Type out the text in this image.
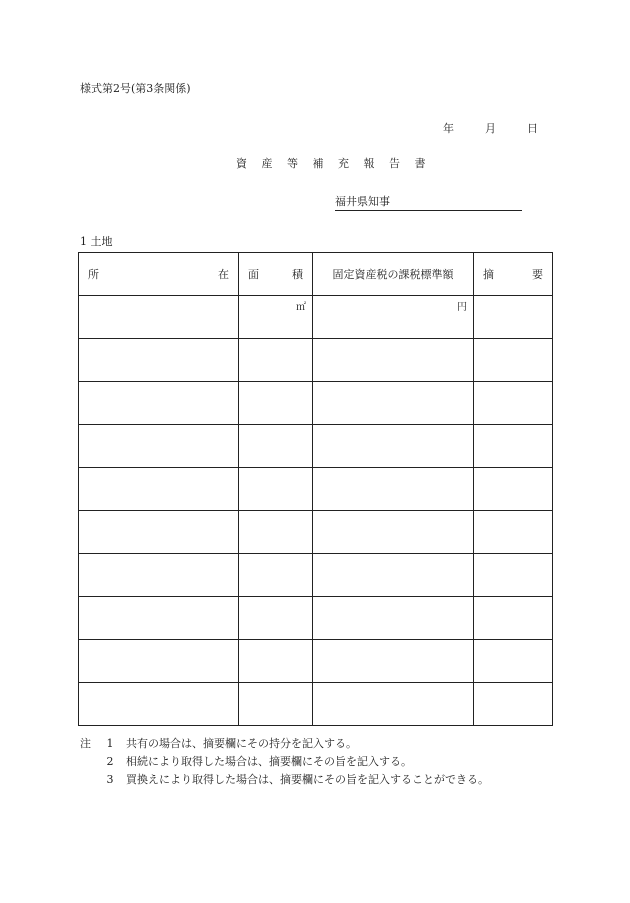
様式第2号(第3条関係)
年	月	日
資 産 等 補 充 報 告 書
福井県知事
1 土地
所 在	面 積	固定資産税の課税標準額	摘 要

	㎡	円	

注	1	共有の場合は、摘要欄にその持分を記入する。
2	相続により取得した場合は、摘要欄にその旨を記入する。
3	買換えにより取得した場合は、摘要欄にその旨を記入することができる。
